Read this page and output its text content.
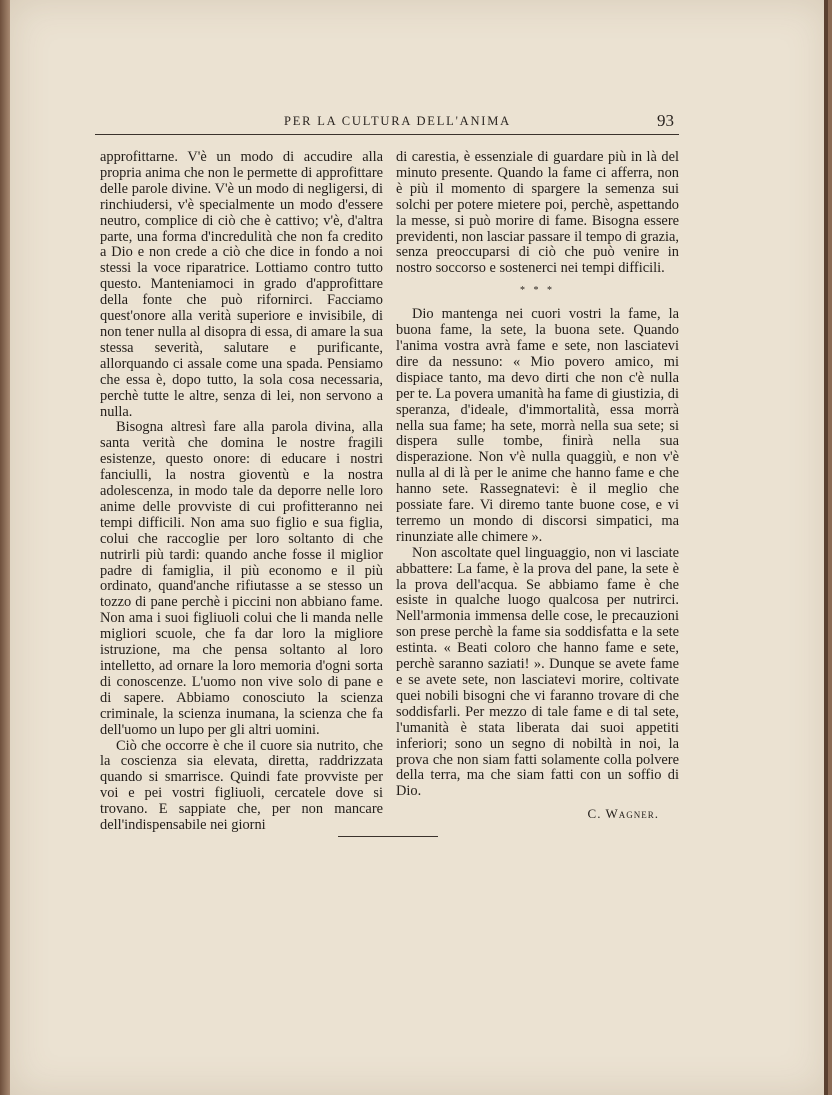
PER LA CULTURA DELL'ANIMA	93

approfittarne. V'è un modo di accudire alla propria anima che non le permette di approfittare delle parole divine. V'è un modo di negligersi, di rinchiudersi, v'è specialmente un modo d'essere neutro, complice di ciò che è cattivo; v'è, d'altra parte, una forma d'incredulità che non fa credito a Dio e non crede a ciò che dice in fondo a noi stessi la voce riparatrice. Lottiamo contro tutto questo. Manteniamoci in grado d'approfittare della fonte che può rifornirci. Facciamo quest'onore alla verità superiore e invisibile, di non tener nulla al disopra di essa, di amare la sua stessa severità, salutare e purificante, allorquando ci assale come una spada. Pensiamo che essa è, dopo tutto, la sola cosa necessaria, perchè tutte le altre, senza di lei, non servono a nulla.

Bisogna altresì fare alla parola divina, alla santa verità che domina le nostre fragili esistenze, questo onore: di educare i nostri fanciulli, la nostra gioventù e la nostra adolescenza, in modo tale da deporre nelle loro anime delle provviste di cui profitteranno nei tempi difficili. Non ama suo figlio e sua figlia, colui che raccoglie per loro soltanto di che nutrirli più tardi: quando anche fosse il miglior padre di famiglia, il più economo e il più ordinato, quand'anche rifiutasse a se stesso un tozzo di pane perchè i piccini non abbiano fame. Non ama i suoi figliuoli colui che li manda nelle migliori scuole, che fa dar loro la migliore istruzione, ma che pensa soltanto al loro intelletto, ad ornare la loro memoria d'ogni sorta di conoscenze. L'uomo non vive solo di pane e di sapere. Abbiamo conosciuto la scienza criminale, la scienza inumana, la scienza che fa dell'uomo un lupo per gli altri uomini.

Ciò che occorre è che il cuore sia nutrito, che la coscienza sia elevata, diretta, raddrizzata quando si smarrisce. Quindi fate provviste per voi e pei vostri figliuoli, cercatele dove si trovano. E sappiate che, per non mancare dell'indispensabile nei giorni

di carestia, è essenziale di guardare più in là del minuto presente. Quando la fame ci afferra, non è più il momento di spargere la semenza sui solchi per potere mietere poi, perchè, aspettando la messe, si può morire di fame. Bisogna essere previdenti, non lasciar passare il tempo di grazia, senza preoccuparsi di ciò che può venire in nostro soccorso e sostenerci nei tempi difficili.

* * *

Dio mantenga nei cuori vostri la fame, la buona fame, la sete, la buona sete. Quando l'anima vostra avrà fame e sete, non lasciatevi dire da nessuno: « Mio povero amico, mi dispiace tanto, ma devo dirti che non c'è nulla per te. La povera umanità ha fame di giustizia, di speranza, d'ideale, d'immortalità, essa morrà nella sua fame; ha sete, morrà nella sua sete; si dispera sulle tombe, finirà nella sua disperazione. Non v'è nulla quaggiù, e non v'è nulla al di là per le anime che hanno fame e che hanno sete. Rassegnatevi: è il meglio che possiate fare. Vi diremo tante buone cose, e vi terremo un mondo di discorsi simpatici, ma rinunziate alle chimere ».

Non ascoltate quel linguaggio, non vi lasciate abbattere: La fame, è la prova del pane, la sete è la prova dell'acqua. Se abbiamo fame è che esiste in qualche luogo qualcosa per nutrirci. Nell'armonia immensa delle cose, le precauzioni son prese perchè la fame sia soddisfatta e la sete estinta. « Beati coloro che hanno fame e sete, perchè saranno saziati! ». Dunque se avete fame e se avete sete, non lasciatevi morire, coltivate quei nobili bisogni che vi faranno trovare di che soddisfarli. Per mezzo di tale fame e di tal sete, l'umanità è stata liberata dai suoi appetiti inferiori; sono un segno di nobiltà in noi, la prova che non siam fatti solamente colla polvere della terra, ma che siam fatti con un soffio di Dio.

C. Wagner.
